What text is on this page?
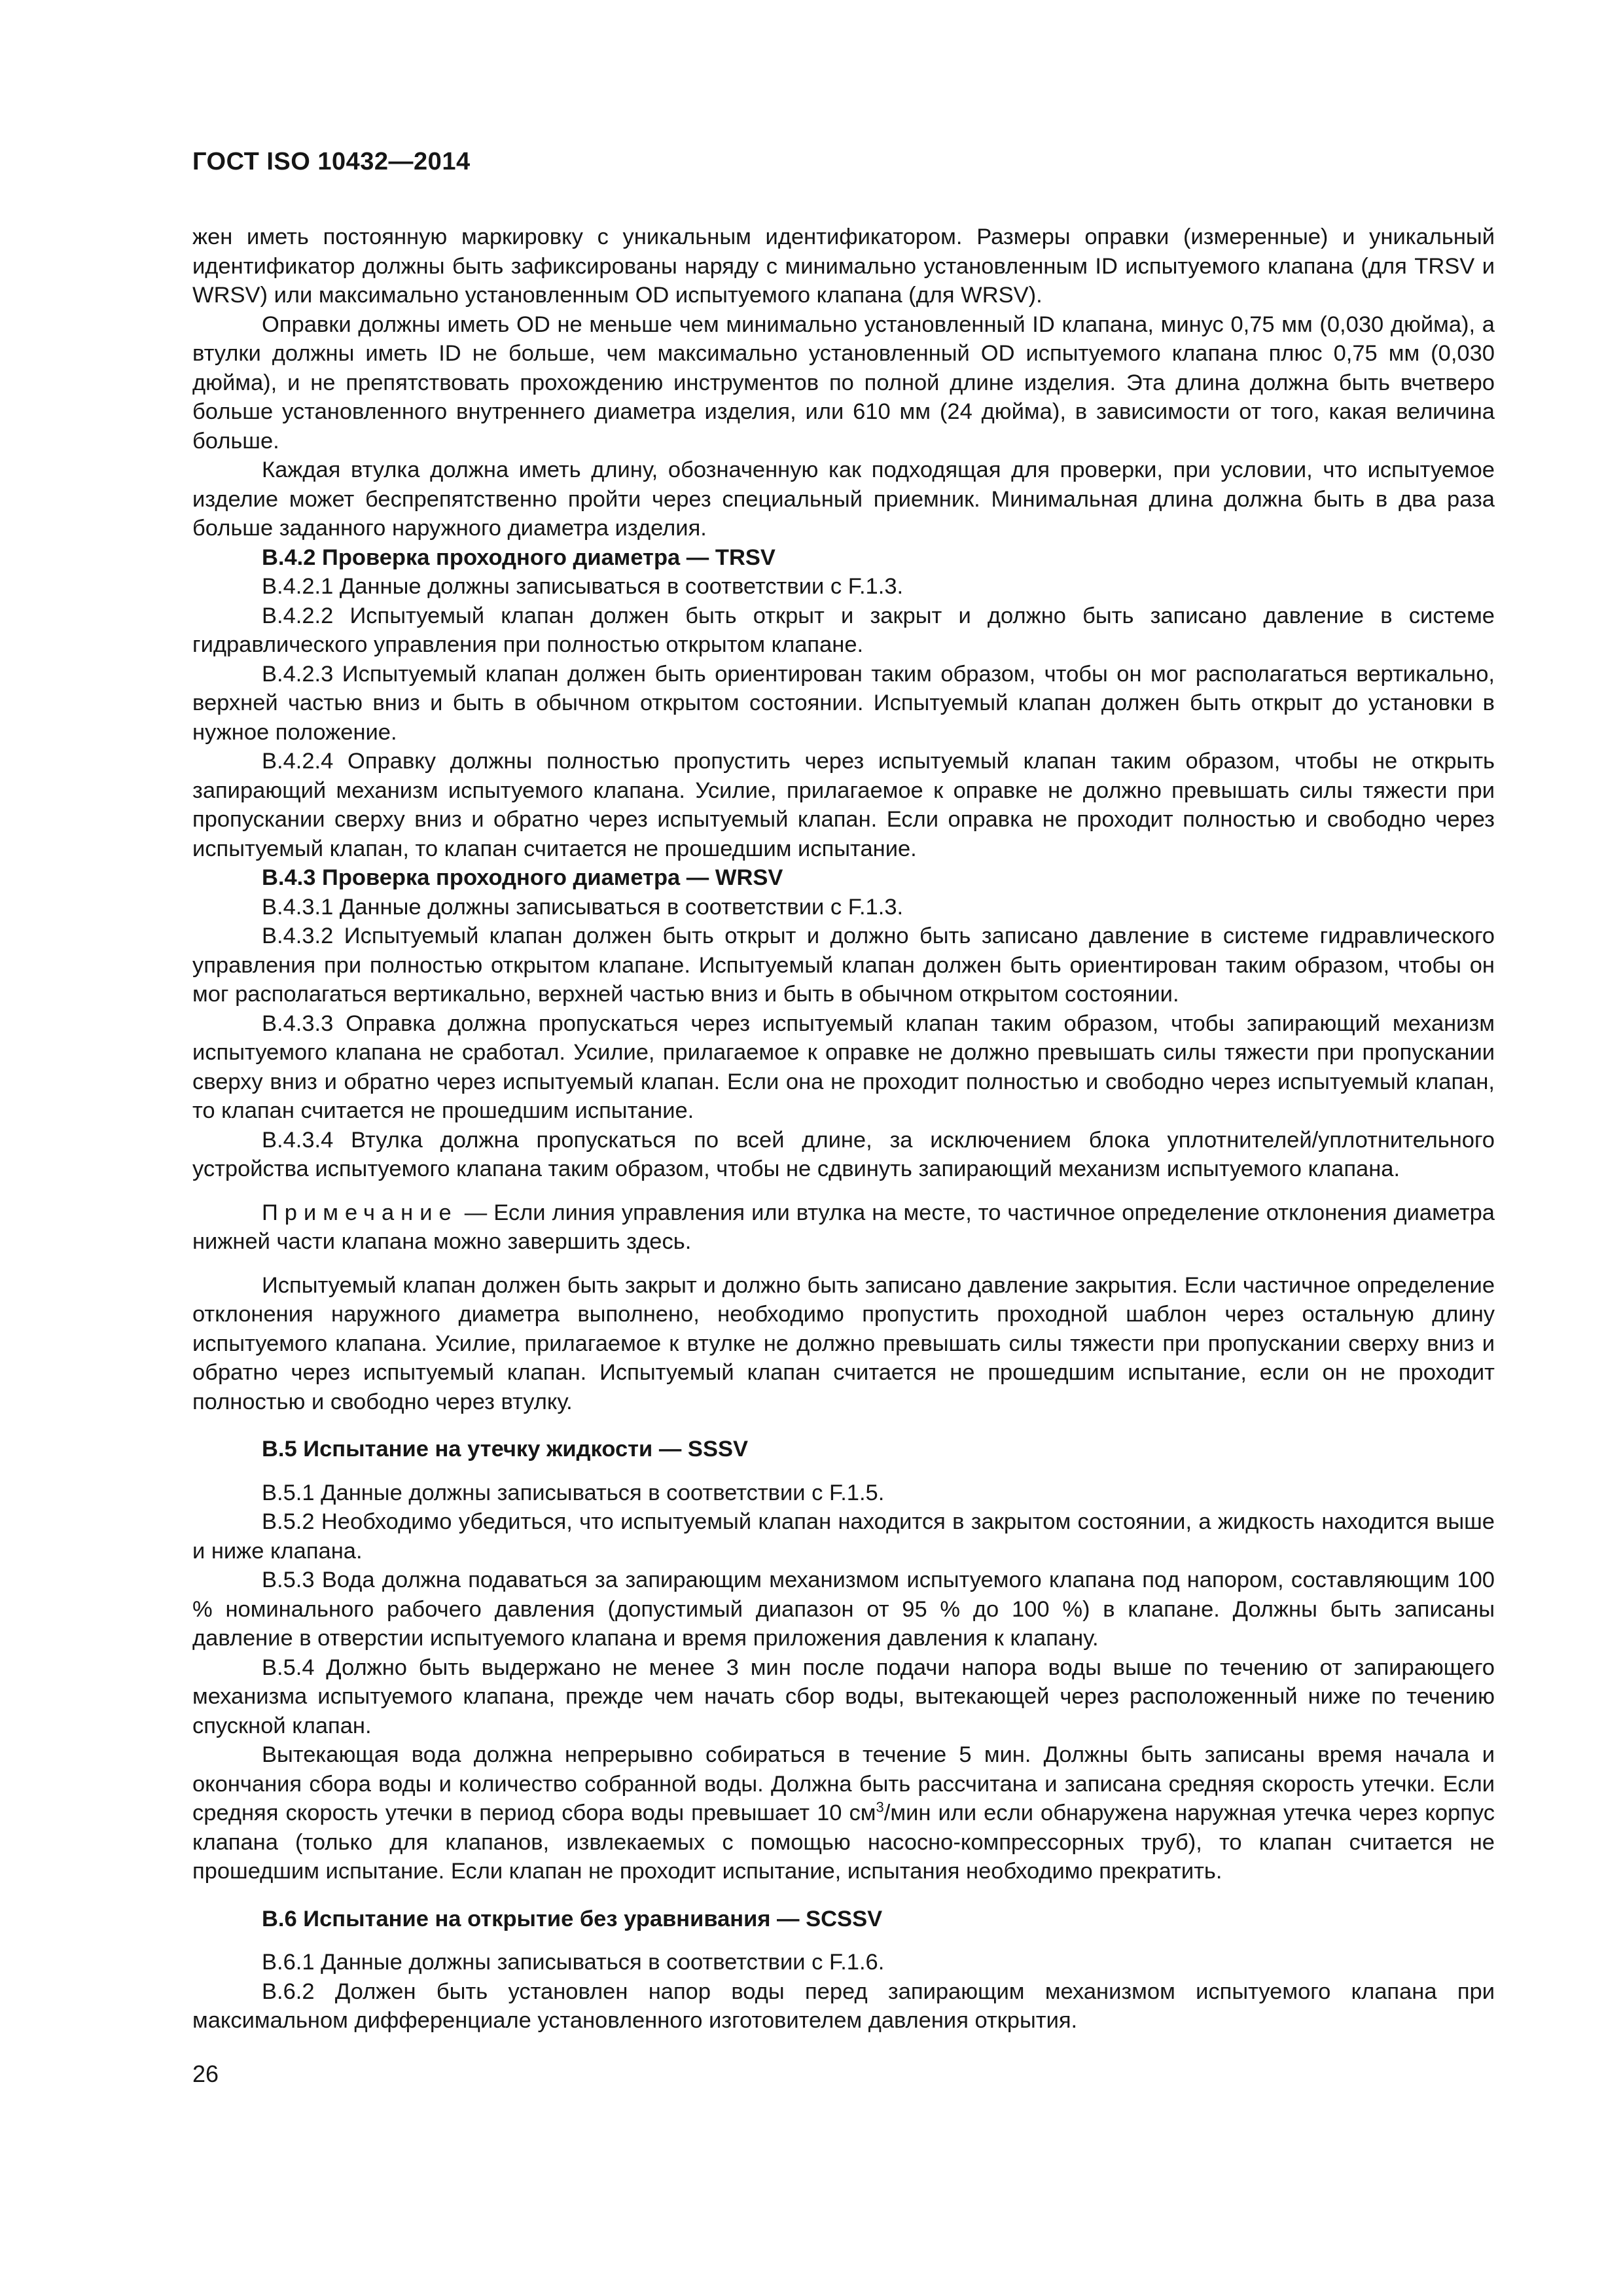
ГОСТ ISO 10432—2014

жен иметь постоянную маркировку с уникальным идентификатором. Размеры оправки (измеренные) и уникальный идентификатор должны быть зафиксированы наряду с минимально установленным ID испытуемого клапана (для TRSV и WRSV) или максимально установленным OD испытуемого клапана (для WRSV).

Оправки должны иметь OD не меньше чем минимально установленный ID клапана, минус 0,75 мм (0,030 дюйма), а втулки должны иметь ID не больше, чем максимально установленный OD испытуемого клапана плюс 0,75 мм (0,030 дюйма), и не препятствовать прохождению инструментов по полной длине изделия. Эта длина должна быть вчетверо больше установленного внутреннего диаметра изделия, или 610 мм (24 дюйма), в зависимости от того, какая величина больше.

Каждая втулка должна иметь длину, обозначенную как подходящая для проверки, при условии, что испытуемое изделие может беспрепятственно пройти через специальный приемник. Минимальная длина должна быть в два раза больше заданного наружного диаметра изделия.

В.4.2 Проверка проходного диаметра — TRSV

В.4.2.1 Данные должны записываться в соответствии с F.1.3.

В.4.2.2 Испытуемый клапан должен быть открыт и закрыт и должно быть записано давление в системе гидравлического управления при полностью открытом клапане.

В.4.2.3 Испытуемый клапан должен быть ориентирован таким образом, чтобы он мог располагаться вертикально, верхней частью вниз и быть в обычном открытом состоянии. Испытуемый клапан должен быть открыт до установки в нужное положение.

В.4.2.4 Оправку должны полностью пропустить через испытуемый клапан таким образом, чтобы не открыть запирающий механизм испытуемого клапана. Усилие, прилагаемое к оправке не должно превышать силы тяжести при пропускании сверху вниз и обратно через испытуемый клапан. Если оправка не проходит полностью и свободно через испытуемый клапан, то клапан считается не прошедшим испытание.

В.4.3 Проверка проходного диаметра — WRSV

В.4.3.1 Данные должны записываться в соответствии с F.1.3.

В.4.3.2 Испытуемый клапан должен быть открыт и должно быть записано давление в системе гидравлического управления при полностью открытом клапане. Испытуемый клапан должен быть ориентирован таким образом, чтобы он мог располагаться вертикально, верхней частью вниз и быть в обычном открытом состоянии.

В.4.3.3 Оправка должна пропускаться через испытуемый клапан таким образом, чтобы запирающий механизм испытуемого клапана не сработал. Усилие, прилагаемое к оправке не должно превышать силы тяжести при пропускании сверху вниз и обратно через испытуемый клапан. Если она не проходит полностью и свободно через испытуемый клапан, то клапан считается не прошедшим испытание.

В.4.3.4 Втулка должна пропускаться по всей длине, за исключением блока уплотнителей/уплотнительного устройства испытуемого клапана таким образом, чтобы не сдвинуть запирающий механизм испытуемого клапана.

Примечание — Если линия управления или втулка на месте, то частичное определение отклонения диаметра нижней части клапана можно завершить здесь.

Испытуемый клапан должен быть закрыт и должно быть записано давление закрытия. Если частичное определение отклонения наружного диаметра выполнено, необходимо пропустить проходной шаблон через остальную длину испытуемого клапана. Усилие, прилагаемое к втулке не должно превышать силы тяжести при пропускании сверху вниз и обратно через испытуемый клапан. Испытуемый клапан считается не прошедшим испытание, если он не проходит полностью и свободно через втулку.

В.5 Испытание на утечку жидкости — SSSV

В.5.1 Данные должны записываться в соответствии с F.1.5.

В.5.2 Необходимо убедиться, что испытуемый клапан находится в закрытом состоянии, а жидкость находится выше и ниже клапана.

В.5.3 Вода должна подаваться за запирающим механизмом испытуемого клапана под напором, составляющим 100 % номинального рабочего давления (допустимый диапазон от 95 % до 100 %) в клапане. Должны быть записаны давление в отверстии испытуемого клапана и время приложения давления к клапану.

В.5.4 Должно быть выдержано не менее 3 мин после подачи напора воды выше по течению от запирающего механизма испытуемого клапана, прежде чем начать сбор воды, вытекающей через расположенный ниже по течению спускной клапан.

Вытекающая вода должна непрерывно собираться в течение 5 мин. Должны быть записаны время начала и окончания сбора воды и количество собранной воды. Должна быть рассчитана и записана средняя скорость утечки. Если средняя скорость утечки в период сбора воды превышает 10 $см^3$/мин или если обнаружена наружная утечка через корпус клапана (только для клапанов, извлекаемых с помощью насосно-компрессорных труб), то клапан считается не прошедшим испытание. Если клапан не проходит испытание, испытания необходимо прекратить.

В.6 Испытание на открытие без уравнивания — SCSSV

В.6.1 Данные должны записываться в соответствии с F.1.6.

В.6.2 Должен быть установлен напор воды перед запирающим механизмом испытуемого клапана при максимальном дифференциале установленного изготовителем давления открытия.

26
